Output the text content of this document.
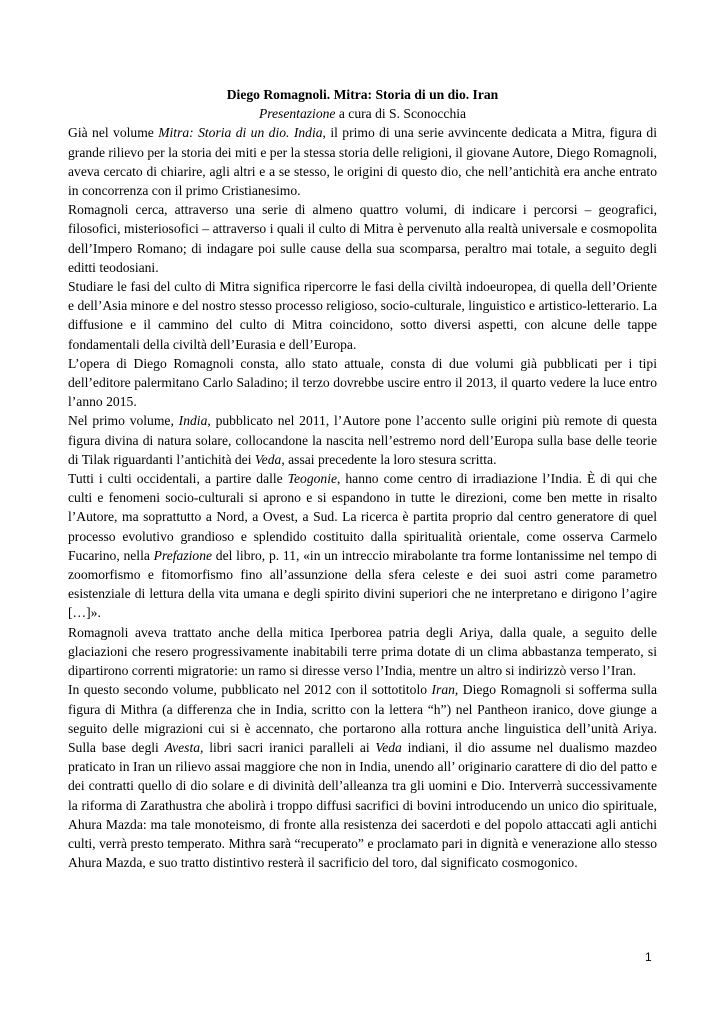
Diego Romagnoli. Mitra: Storia di un dio. Iran

Presentazione a cura di S. Sconocchia

Già nel volume Mitra: Storia di un dio. India, il primo di una serie avvincente dedicata a Mitra, figura di grande rilievo per la storia dei miti e per la stessa storia delle religioni, il giovane Autore, Diego Romagnoli, aveva cercato di chiarire, agli altri e a se stesso, le origini di questo dio, che nell’antichità era anche entrato in concorrenza con il primo Cristianesimo.

Romagnoli cerca, attraverso una serie di almeno quattro volumi, di indicare i percorsi – geografici, filosofici, misteriosofici – attraverso i quali il culto di Mitra è pervenuto alla realtà universale e cosmopolita dell’Impero Romano; di indagare poi sulle cause della sua scomparsa, peraltro mai totale, a seguito degli editti teodosiani.

Studiare le fasi del culto di Mitra significa ripercorre le fasi della civiltà indoeuropea, di quella dell’Oriente e dell’Asia minore e del nostro stesso processo religioso, socio-culturale, linguistico e artistico-letterario. La diffusione e il cammino del culto di Mitra coincidono, sotto diversi aspetti, con alcune delle tappe fondamentali della civiltà dell’Eurasia e dell’Europa.

L’opera di Diego Romagnoli consta, allo stato attuale, consta di due volumi già pubblicati per i tipi dell’editore palermitano Carlo Saladino; il terzo dovrebbe uscire entro il 2013, il quarto vedere la luce entro l’anno 2015.

Nel primo volume, India, pubblicato nel 2011, l’Autore pone l’accento sulle origini più remote di questa figura divina di natura solare, collocandone la nascita nell’estremo nord dell’Europa sulla base delle teorie di Tilak riguardanti l’antichità dei Veda, assai precedente la loro stesura scritta.

Tutti i culti occidentali, a partire dalle Teogonie, hanno come centro di irradiazione l’India. È di qui che culti e fenomeni socio-culturali si aprono e si espandono in tutte le direzioni, come ben mette in risalto l’Autore, ma soprattutto a Nord, a Ovest, a Sud. La ricerca è partita proprio dal centro generatore di quel processo evolutivo grandioso e splendido costituito dalla spiritualità orientale, come osserva Carmelo Fucarino, nella Prefazione del libro, p. 11, «in un intreccio mirabolante tra forme lontanissime nel tempo di zoomorfismo e fitomorfismo fino all’assunzione della sfera celeste e dei suoi astri come parametro esistenziale di lettura della vita umana e degli spirito divini superiori che ne interpretano e dirigono l’agire […]».

Romagnoli aveva trattato anche della mitica Iperborea patria degli Ariya, dalla quale, a seguito delle glaciazioni che resero progressivamente inabitabili terre prima dotate di un clima abbastanza temperato, si dipartirono correnti migratorie: un ramo si diresse verso l’India, mentre un altro si indirizzò verso l’Iran.

In questo secondo volume, pubblicato nel 2012 con il sottotitolo Iran, Diego Romagnoli si sofferma sulla figura di Mithra (a differenza che in India, scritto con la lettera “h”) nel Pantheon iranico, dove giunge a seguito delle migrazioni cui si è accennato, che portarono alla rottura anche linguistica dell’unità Ariya. Sulla base degli Avesta, libri sacri iranici paralleli ai Veda indiani, il dio assume nel dualismo mazdeo praticato in Iran un rilievo assai maggiore che non in India, unendo all’ originario carattere di dio del patto e dei contratti quello di dio solare e di divinità dell’alleanza tra gli uomini e Dio. Interverrà successivamente la riforma di Zarathustra che abolirà i troppo diffusi sacrifici di bovini introducendo un unico dio spirituale, Ahura Mazda: ma tale monoteismo, di fronte alla resistenza dei sacerdoti e del popolo attaccati agli antichi culti, verrà presto temperato. Mithra sarà “recuperato” e proclamato pari in dignità e venerazione allo stesso Ahura Mazda, e suo tratto distintivo resterà il sacrificio del toro, dal significato cosmogonico.

1
